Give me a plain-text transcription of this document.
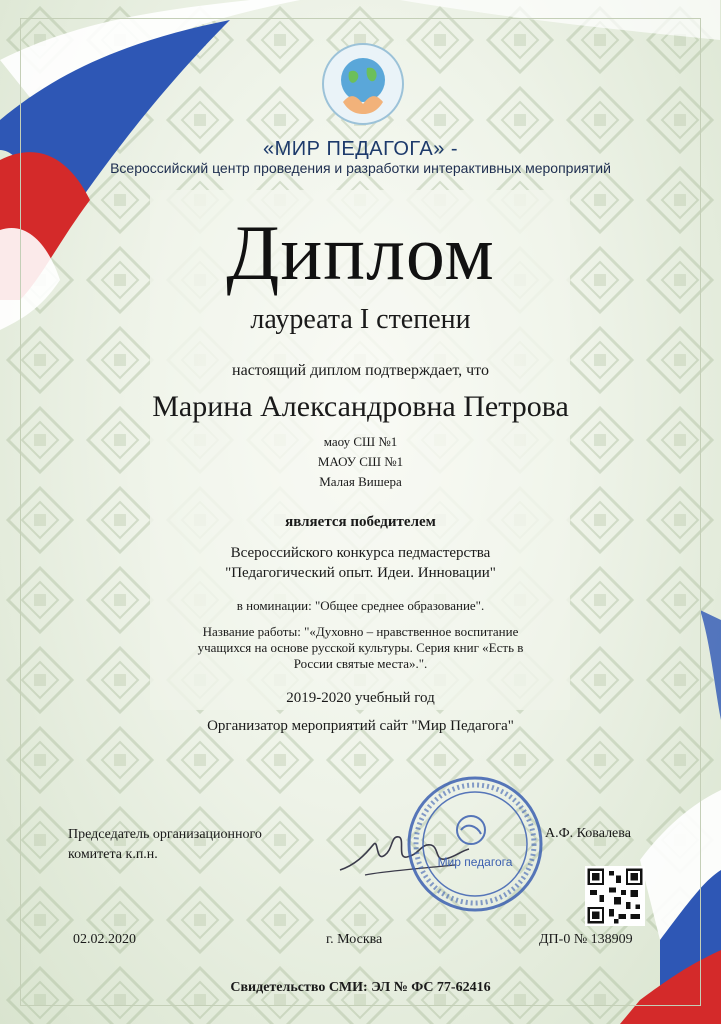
«МИР ПЕДАГОГА» -
Всероссийский центр проведения и разработки интерактивных мероприятий
Диплом
лауреата I степени
настоящий диплом подтверждает, что
Марина Александровна Петрова
маоу СШ №1
МАОУ СШ №1
Малая Вишера
является победителем
Всероссийского конкурса педмастерства
"Педагогический опыт. Идеи. Инновации"
в номинации: "Общее среднее образование".
Название работы: "«Духовно – нравственное воспитание учащихся на основе русской культуры. Серия книг «Есть в России святые места».".
2019-2020 учебный год
Организатор мероприятий сайт "Мир Педагога"
Председатель организационного
комитета к.п.н.	Мир педагога
А.Ф. Ковалева
02.02.2020	г. Москва	ДП-0 № 138909
Свидетельство СМИ: ЭЛ № ФС 77-62416
